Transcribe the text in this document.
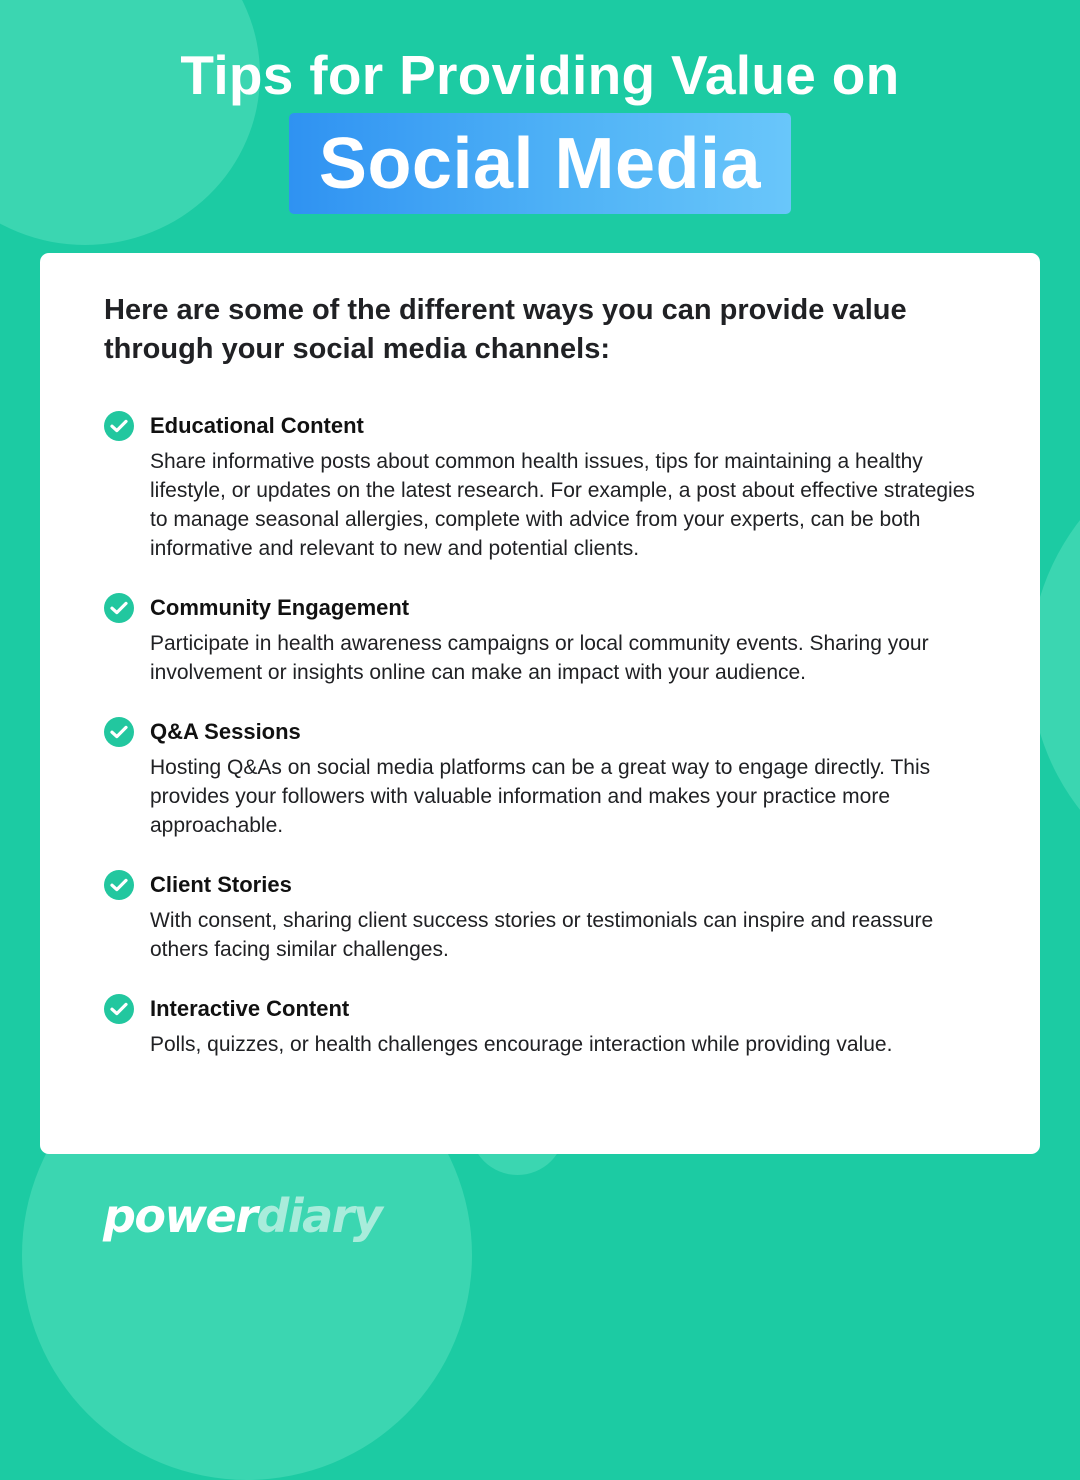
Tips for Providing Value on
Social Media

Here are some of the different ways you can provide value through your social media channels:

Educational Content

Share informative posts about common health issues, tips for maintaining a healthy lifestyle, or updates on the latest research. For example, a post about effective strategies to manage seasonal allergies, complete with advice from your experts, can be both informative and relevant to new and potential clients.

Community Engagement

Participate in health awareness campaigns or local community events. Sharing your involvement or insights online can make an impact with your audience.

Q&A Sessions

Hosting Q&As on social media platforms can be a great way to engage directly. This provides your followers with valuable information and makes your practice more approachable.

Client Stories

With consent, sharing client success stories or testimonials can inspire and reassure others facing similar challenges.

Interactive Content

Polls, quizzes, or health challenges encourage interaction while providing value.

powerdiary
